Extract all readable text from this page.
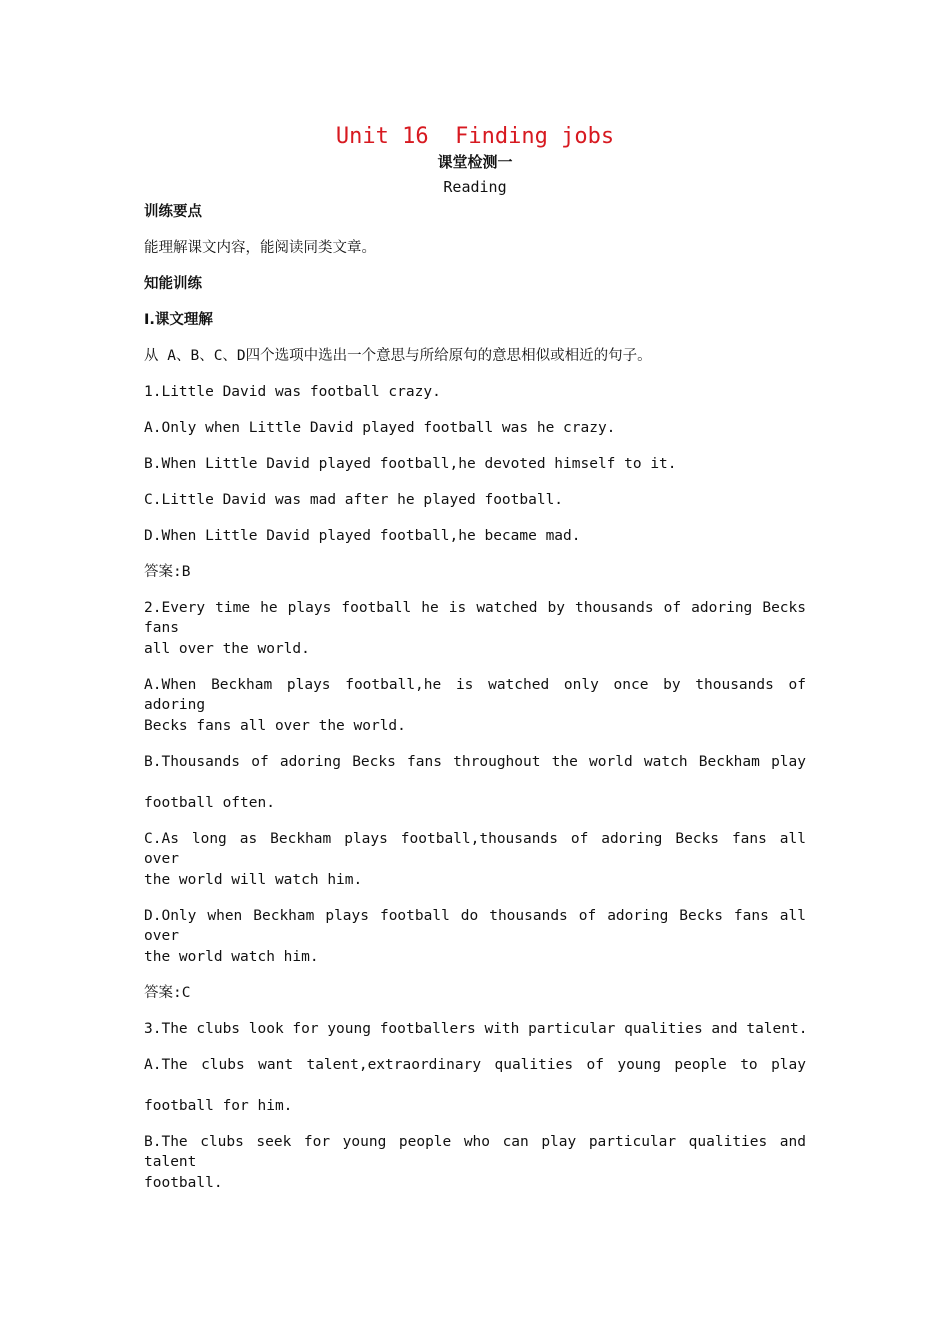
Unit 16  Finding jobs
课堂检测一
Reading
训练要点
能理解课文内容，能阅读同类文章。
知能训练
Ⅰ.课文理解
从 A、B、C、D四个选项中选出一个意思与所给原句的意思相似或相近的句子。
1.Little David was football crazy.
A.Only when Little David played football was he crazy.
B.When Little David played football,he devoted himself to it.
C.Little David was mad after he played football.
D.When Little David played football,he became mad.
答案:B
2.Every time he plays football he is watched by thousands of adoring Becks fans
all over the world.
A.When Beckham plays football,he is watched only once by thousands of adoring
Becks fans all over the world.
B.Thousands of adoring Becks fans throughout the world watch Beckham play
football often.
C.As long as Beckham plays football,thousands of adoring Becks fans all over
the world will watch him.
D.Only when Beckham plays football do thousands of adoring Becks fans all over
the world watch him.
答案:C
3.The clubs look for young footballers with particular qualities and talent.
A.The clubs want talent,extraordinary qualities of young people to play
football for him.
B.The clubs seek for young people who can play particular qualities and talent
football.
